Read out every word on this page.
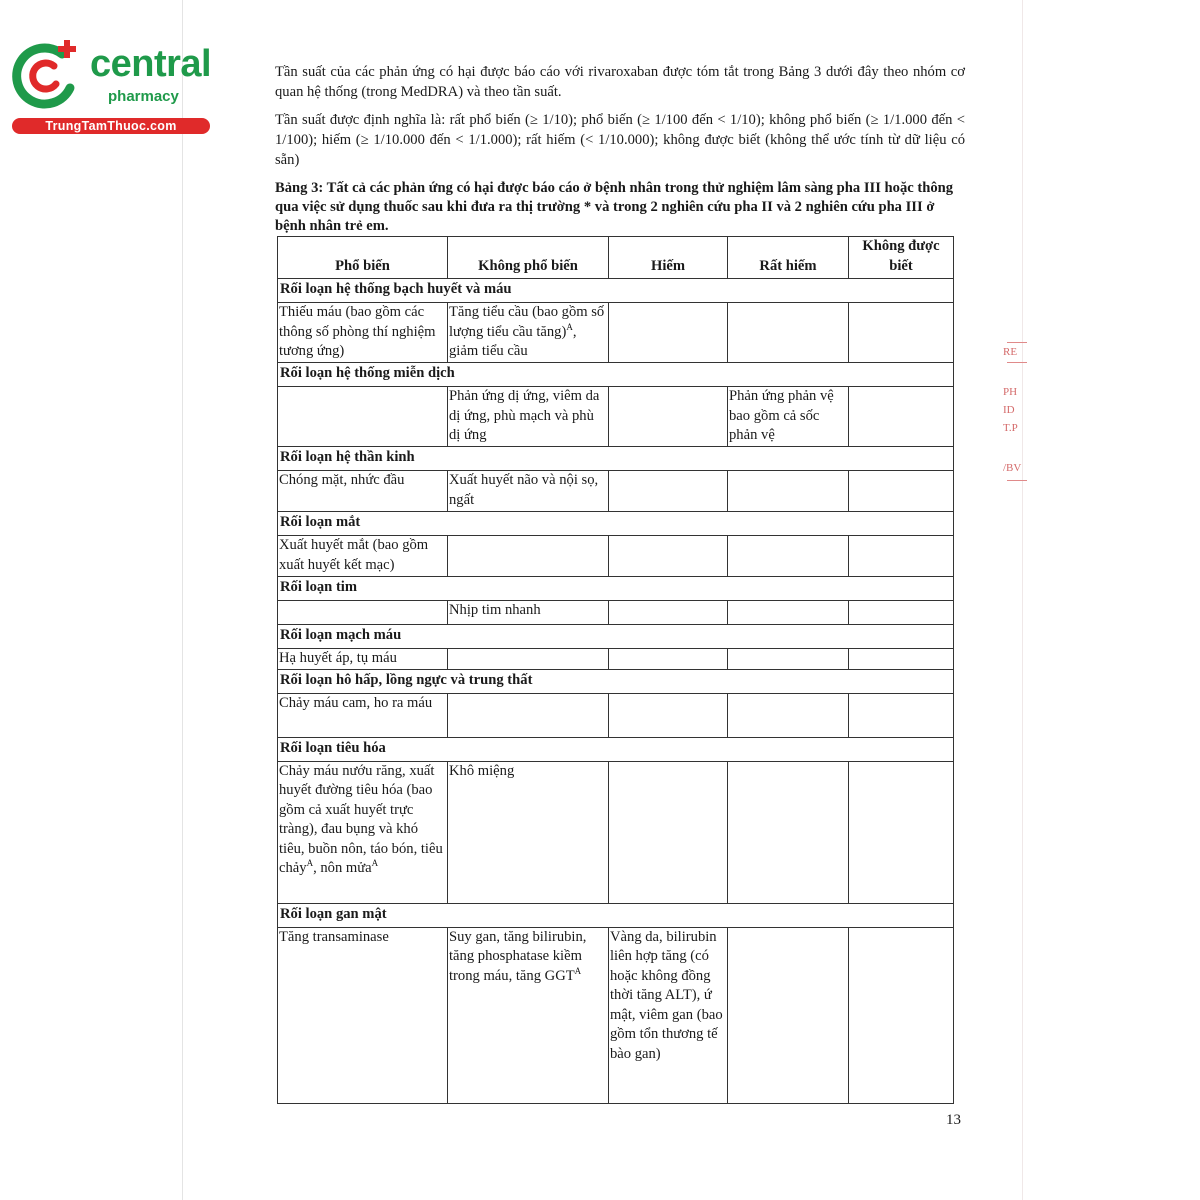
central
pharmacy
TrungTamThuoc.com
RE
PH
ID
T.P
/BV
Tần suất của các phản ứng có hại được báo cáo với rivaroxaban được tóm tắt trong Bảng 3 dưới đây theo nhóm cơ quan hệ thống (trong MedDRA) và theo tần suất.
Tần suất được định nghĩa là: rất phổ biến (≥ 1/10); phổ biến (≥ 1/100 đến < 1/10); không phổ biến (≥ 1/1.000 đến < 1/100); hiếm (≥ 1/10.000 đến < 1/1.000); rất hiếm (< 1/10.000); không được biết (không thể ước tính từ dữ liệu có sẵn)
Bảng 3: Tất cả các phản ứng có hại được báo cáo ở bệnh nhân trong thử nghiệm lâm sàng pha III hoặc thông qua việc sử dụng thuốc sau khi đưa ra thị trường * và trong 2 nghiên cứu pha II và 2 nghiên cứu pha III ở bệnh nhân trẻ em.
Phổ biến	Không phổ biến	Hiếm	Rất hiếm	Không được biết
Rối loạn hệ thống bạch huyết và máu				
Thiếu máu (bao gồm các thông số phòng thí nghiệm tương ứng)	Tăng tiểu cầu (bao gồm số lượng tiểu cầu tăng)$^A$, giảm tiểu cầu			
Rối loạn hệ thống miễn dịch				
	Phản ứng dị ứng, viêm da dị ứng, phù mạch và phù dị ứng		Phản ứng phản vệ bao gồm cả sốc phản vệ	
Rối loạn hệ thần kinh				
Chóng mặt, nhức đầu	Xuất huyết não và nội sọ, ngất			
Rối loạn mắt				
Xuất huyết mắt (bao gồm xuất huyết kết mạc)				
Rối loạn tim				
	Nhịp tim nhanh			
Rối loạn mạch máu				
Hạ huyết áp, tụ máu				
Rối loạn hô hấp, lồng ngực và trung thất				
Chảy máu cam, ho ra máu				
Rối loạn tiêu hóa				
Chảy máu nướu răng, xuất huyết đường tiêu hóa (bao gồm cả xuất huyết trực tràng), đau bụng và khó tiêu, buồn nôn, táo bón, tiêu chảy$^A$, nôn mửa$^A$	Khô miệng			
Rối loạn gan mật				
Tăng transaminase	Suy gan, tăng bilirubin, tăng phosphatase kiềm trong máu, tăng $GGT^A$	Vàng da, bilirubin liên hợp tăng (có hoặc không đồng thời tăng ALT), ứ mật, viêm gan (bao gồm tổn thương tế bào gan)		
13
